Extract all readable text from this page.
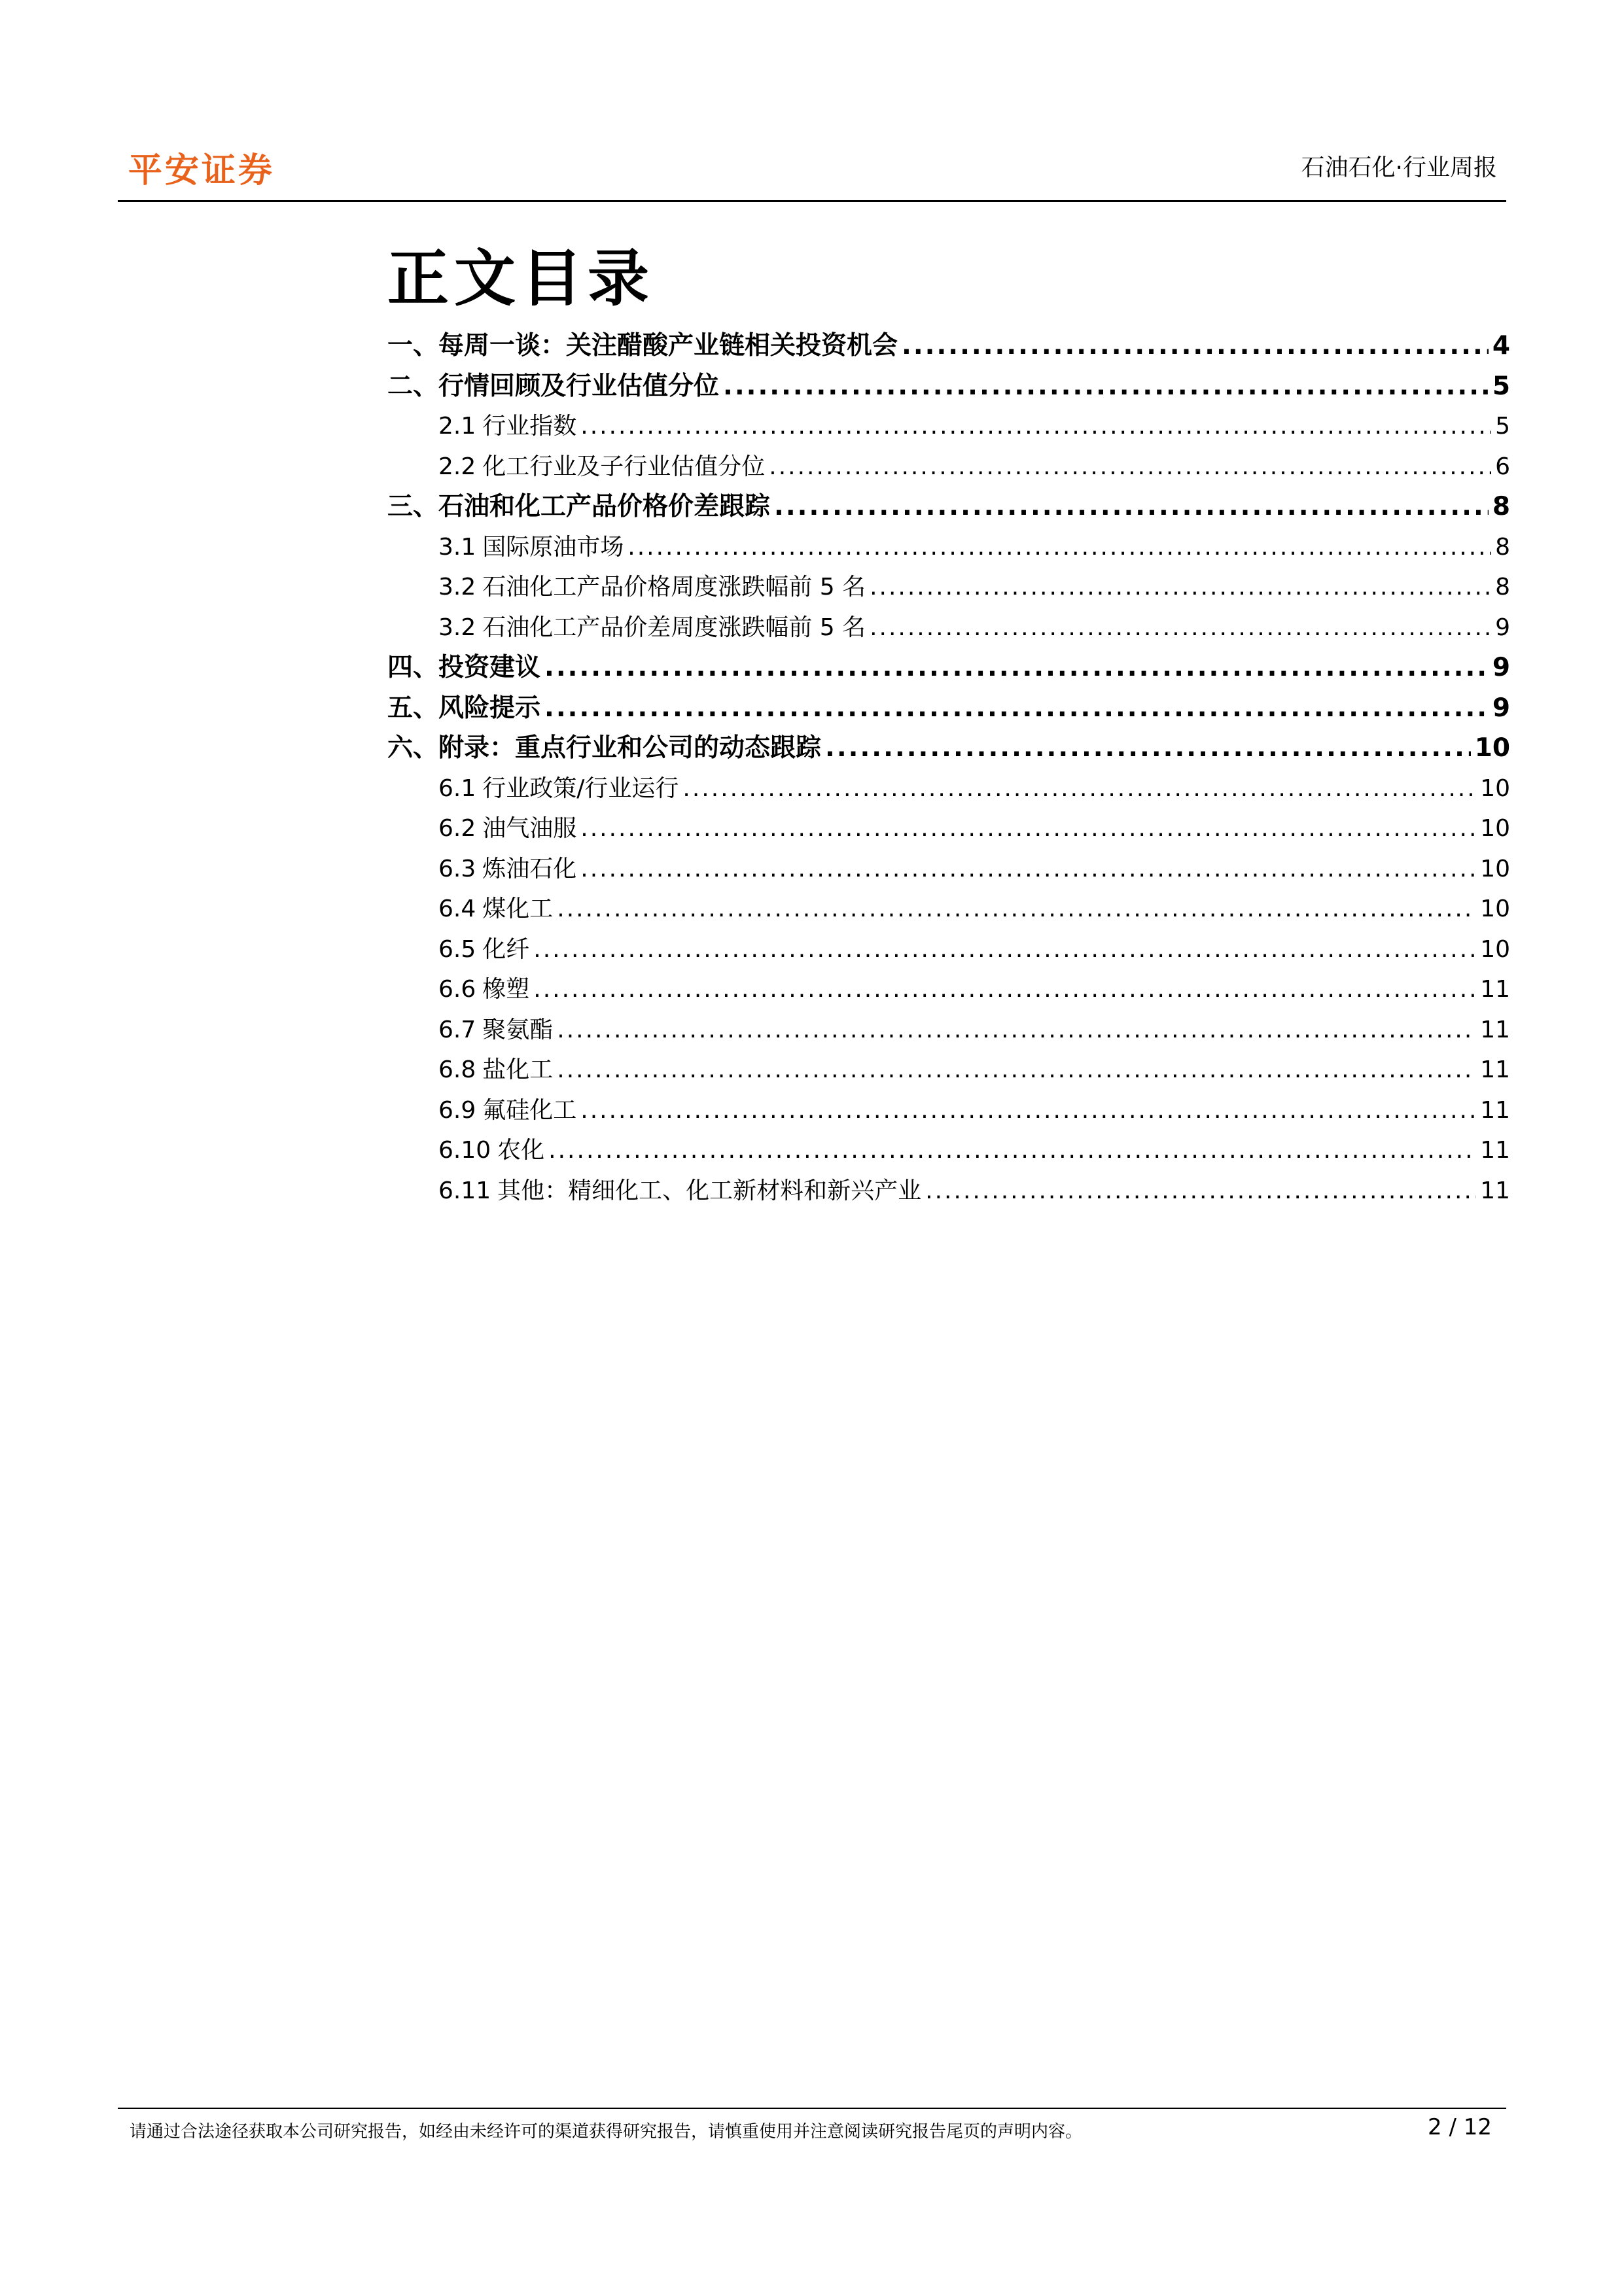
平安证券	石油石化·行业周报
正文目录
一、 每周一谈：关注醋酸产业链相关投资机会 .....	4
二、 行情回顾及行业估值分位 .....	5
2.1 行业指数 .....	5
2.2 化工行业及子行业估值分位 .....	6
三、 石油和化工产品价格价差跟踪 .....	8
3.1 国际原油市场 .....	8
3.2 石油化工产品价格周度涨跌幅前 5 名 .....	8
3.2 石油化工产品价差周度涨跌幅前 5 名 .....	9
四、 投资建议 .....	9
五、 风险提示 .....	9
六、 附录：重点行业和公司的动态跟踪 .....	10
6.1 行业政策/行业运行 .....	10
6.2 油气油服 .....	10
6.3 炼油石化 .....	10
6.4 煤化工 .....	10
6.5 化纤 .....	10
6.6 橡塑 .....	11
6.7 聚氨酯 .....	11
6.8 盐化工 .....	11
6.9 氟硅化工 .....	11
6.10 农化 .....	11
6.11 其他：精细化工、化工新材料和新兴产业 .....	11
请通过合法途径获取本公司研究报告，如经由未经许可的渠道获得研究报告，请慎重使用并注意阅读研究报告尾页的声明内容。	2 / 12
